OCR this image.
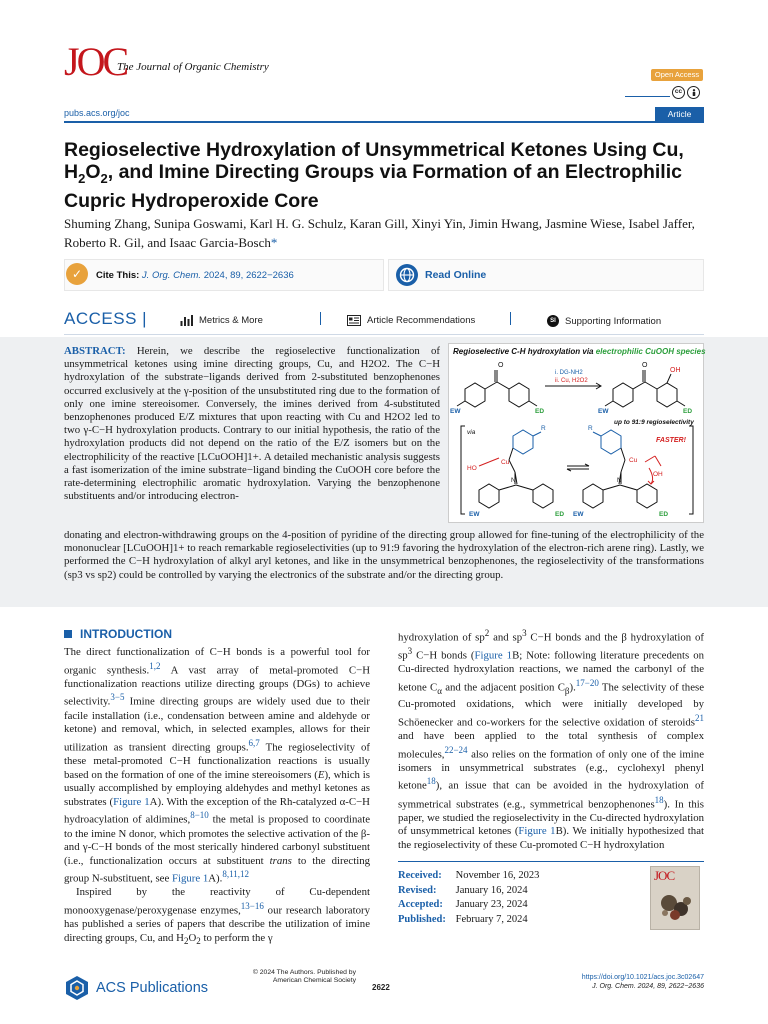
JOC
The Journal of Organic Chemistry
Open Access
cc
pubs.acs.org/joc	Article
Regioselective Hydroxylation of Unsymmetrical Ketones Using Cu,
$H_2O_2$, and Imine Directing Groups via Formation of an Electrophilic Cupric Hydroperoxide Core
Shuming Zhang, Sunipa Goswami, Karl H. G. Schulz, Karan Gill, Xinyi Yin, Jimin Hwang, Jasmine Wiese, Isabel Jaffer, Roberto R. Gil, and Isaac Garcia-Bosch*
✓	Cite This: J. Org. Chem. 2024, 89, 2622−2636	Read Online
ACCESS |	Metrics & More	Article Recommendations	SI Supporting Information
ABSTRACT: Herein, we describe the regioselective functionalization of unsymmetrical ketones using imine directing groups, Cu, and H2O2. The C−H hydroxylation of the substrate−ligands derived from 2-substituted benzophenones occurred exclusively at the γ-position of the unsubstituted ring due to the formation of only one imine stereoisomer. Conversely, the imines derived from 4-substituted benzophenones produced E/Z mixtures that upon reacting with Cu and H2O2 led to two γ-C−H hydroxylation products. Contrary to our initial hypothesis, the ratio of the hydroxylation products did not depend on the ratio of the E/Z isomers but on the electrophilicity of the reactive [LCuOOH]1+. A detailed mechanistic analysis suggests a fast isomerization of the imine substrate−ligand binding the CuOOH core before the rate-determining electrophilic aromatic hydroxylation. Varying the benzophenone substituents and/or introducing electron-
donating and electron-withdrawing groups on the 4-position of pyridine of the directing group allowed for fine-tuning of the electrophilicity of the mononuclear [LCuOOH]1+ to reach remarkable regioselectivities (up to 91:9 favoring the hydroxylation of the electron-rich arene ring). Lastly, we performed the C−H hydroxylation of alkyl aryl ketones, and like in the unsymmetrical benzophenones, the regioselectivity of the transformations (sp3 vs sp2) could be controlled by varying the electronics of the substrate and/or the directing group.
Regioselective C-H hydroxylation via electrophilic CuOOH species
O	O
OH
i. DG-NH2
ii. Cu, H2O2
EW	ED	EW	ED
up to 91:9 regioselectivity
via
R	R
Cu	Cu
HO
OH
FASTER!
N	N
EW	ED EW	ED
INTRODUCTION

The direct functionalization of C−H bonds is a powerful tool for organic synthesis.$^{1,2}$ A vast array of metal-promoted C−H functionalization reactions utilize directing groups (DGs) to achieve selectivity.$^{3-5}$ Imine directing groups are widely used due to their facile installation (i.e., condensation between amine and aldehyde or ketone) and removal, which, in selected examples, allows for their utilization as transient directing groups.$^{6,7}$ The regioselectivity of these metal-promoted C−H functionalization reactions is usually based on the formation of one of the imine stereoisomers (E), which is usually accomplished by employing aldehydes and methyl ketones as substrates (Figure 1A). With the exception of the Rh-catalyzed α-C−H hydroacylation of aldimines,$^{8-10}$ the metal is proposed to coordinate to the imine N donor, which promotes the selective activation of the β- and γ-C−H bonds of the most sterically hindered carbonyl substituent (i.e., functionalization occurs at substituent trans to the directing group N-substituent, see Figure 1A).$^{8,11,12}$

Inspired by the reactivity of Cu-dependent monooxygenase/peroxygenase enzymes,$^{13-16}$ our research laboratory has published a series of papers that describe the utilization of imine directing groups, Cu, and $H_2O_2$ to perform the γ

hydroxylation of $sp^2$ and $sp^3$ C−H bonds and the β hydroxylation of $sp^3$ C−H bonds (Figure 1B; Note: following literature precedents on Cu-directed hydroxylation reactions, we named the carbonyl of the ketone $C_\alpha$ and the adjacent position $C_\beta).^{17-20}$ The selectivity of these Cu-promoted oxidations, which were initially developed by Schöenecker and co-workers for the selective oxidation of steroids$^{21}$ and have been applied to the total synthesis of complex molecules,$^{22-24}$ also relies on the formation of only one of the imine isomers in unsymmetrical substrates (e.g., cyclohexyl phenyl ketone$^{18}$), an issue that can be avoided in the hydroxylation of symmetrical substrates (e.g., symmetrical benzophenones$^{18}$). In this paper, we studied the regioselectivity in the Cu-directed hydroxylation of unsymmetrical ketones (Figure 1B). We initially hypothesized that the regioselectivity of these Cu-promoted C−H hydroxylation

Received: November 16, 2023
Revised: January 16, 2024
Accepted: January 23, 2024
Published: February 7, 2024
JOC
ACS Publications
© 2024 The Authors. Published by
American Chemical Society
2622
https://doi.org/10.1021/acs.joc.3c02647
J. Org. Chem. 2024, 89, 2622−2636
